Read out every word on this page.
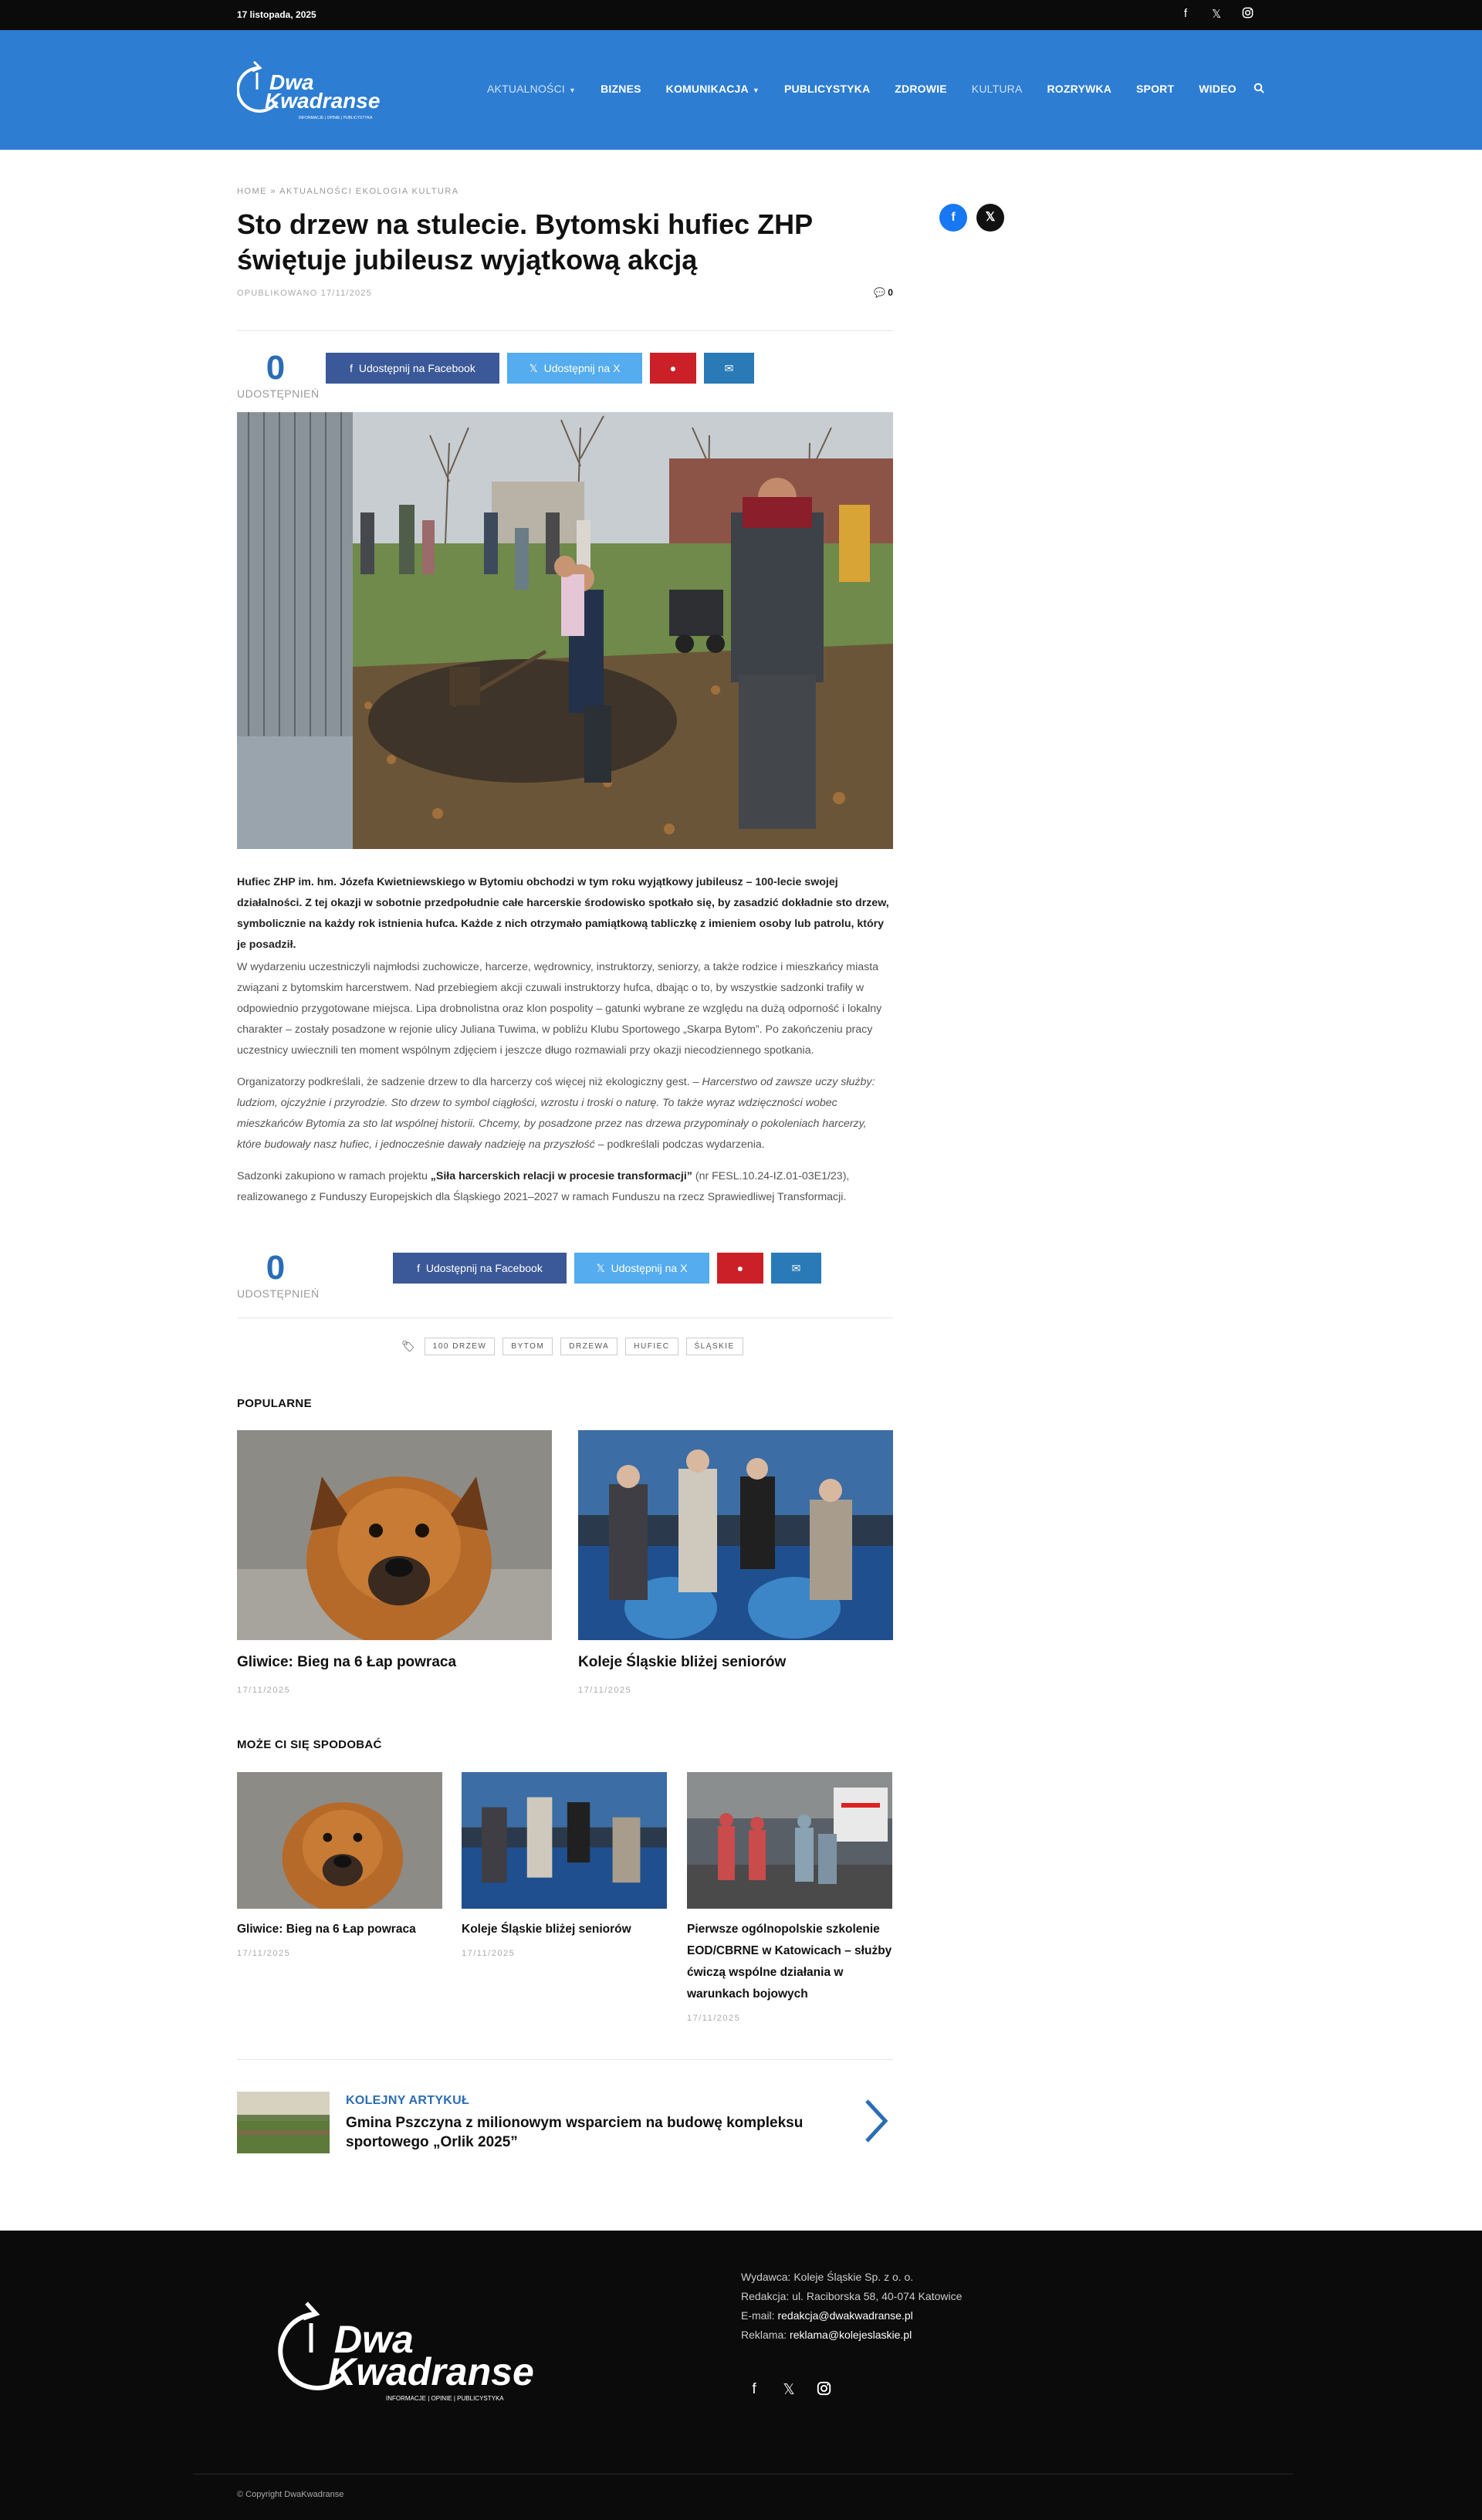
17 listopada, 2025	f	𝕏
Dwa
Kwadranse
INFORMACJE | OPINIE | PUBLICYSTYKA
AKTUALNOŚCI ▼	BIZNES	KOMUNIKACJA ▼	PUBLICYSTYKA	ZDROWIE	KULTURA	ROZRYWKA	SPORT	WIDEO
HOME » AKTUALNOŚCI EKOLOGIA KULTURA
Sto drzew na stulecie. Bytomski hufiec ZHP świętuje jubileusz wyjątkową akcją
OPUBLIKOWANO 17/11/2025	💬 0
f	𝕏
0
UDOSTĘPNIEŃ
f Udostępnij na Facebook	𝕏 Udostępnij na X	●	✉

Hufiec ZHP im. hm. Józefa Kwietniewskiego w Bytomiu obchodzi w tym roku wyjątkowy jubileusz – 100-lecie swojej działalności. Z tej okazji w sobotnie przedpołudnie całe harcerskie środowisko spotkało się, by zasadzić dokładnie sto drzew, symbolicznie na każdy rok istnienia hufca. Każde z nich otrzymało pamiątkową tabliczkę z imieniem osoby lub patrolu, który je posadził.

W wydarzeniu uczestniczyli najmłodsi zuchowicze, harcerze, wędrownicy, instruktorzy, seniorzy, a także rodzice i mieszkańcy miasta związani z bytomskim harcerstwem. Nad przebiegiem akcji czuwali instruktorzy hufca, dbając o to, by wszystkie sadzonki trafiły w odpowiednio przygotowane miejsca. Lipa drobnolistna oraz klon pospolity – gatunki wybrane ze względu na dużą odporność i lokalny charakter – zostały posadzone w rejonie ulicy Juliana Tuwima, w pobliżu Klubu Sportowego „Skarpa Bytom”. Po zakończeniu pracy uczestnicy uwiecznili ten moment wspólnym zdjęciem i jeszcze długo rozmawiali przy okazji niecodziennego spotkania.

Organizatorzy podkreślali, że sadzenie drzew to dla harcerzy coś więcej niż ekologiczny gest. – Harcerstwo od zawsze uczy służby: ludziom, ojczyźnie i przyrodzie. Sto drzew to symbol ciągłości, wzrostu i troski o naturę. To także wyraz wdzięczności wobec mieszkańców Bytomia za sto lat wspólnej historii. Chcemy, by posadzone przez nas drzewa przypominały o pokoleniach harcerzy, które budowały nasz hufiec, i jednocześnie dawały nadzieję na przyszłość – podkreślali podczas wydarzenia.

Sadzonki zakupiono w ramach projektu „Siła harcerskich relacji w procesie transformacji” (nr FESL.10.24-IZ.01-03E1/23), realizowanego z Funduszy Europejskich dla Śląskiego 2021–2027 w ramach Funduszu na rzecz Sprawiedliwej Transformacji.

0
UDOSTĘPNIEŃ
f Udostępnij na Facebook	𝕏 Udostępnij na X	●	✉
🏷	100 DRZEW	BYTOM	DRZEWA	HUFIEC	ŚLĄSKIE
POPULARNE
Gliwice: Bieg na 6 Łap powraca
17/11/2025
Koleje Śląskie bliżej seniorów
17/11/2025
MOŻE CI SIĘ SPODOBAĆ
Gliwice: Bieg na 6 Łap powraca
17/11/2025
Koleje Śląskie bliżej seniorów
17/11/2025
Pierwsze ogólnopolskie szkolenie EOD/CBRNE w Katowicach – służby ćwiczą wspólne działania w warunkach bojowych
17/11/2025
KOLEJNY ARTYKUŁ
Gmina Pszczyna z milionowym wsparciem na budowę kompleksu sportowego „Orlik 2025”
Dwa
Kwadranse
INFORMACJE | OPINIE | PUBLICYSTYKA
Wydawca: Koleje Śląskie Sp. z o. o.
Redakcja: ul. Raciborska 58, 40-074 Katowice
E-mail: redakcja@dwakwadranse.pl
Reklama: reklama@kolejeslaskie.pl
f	𝕏
© Copyright DwaKwadranse
